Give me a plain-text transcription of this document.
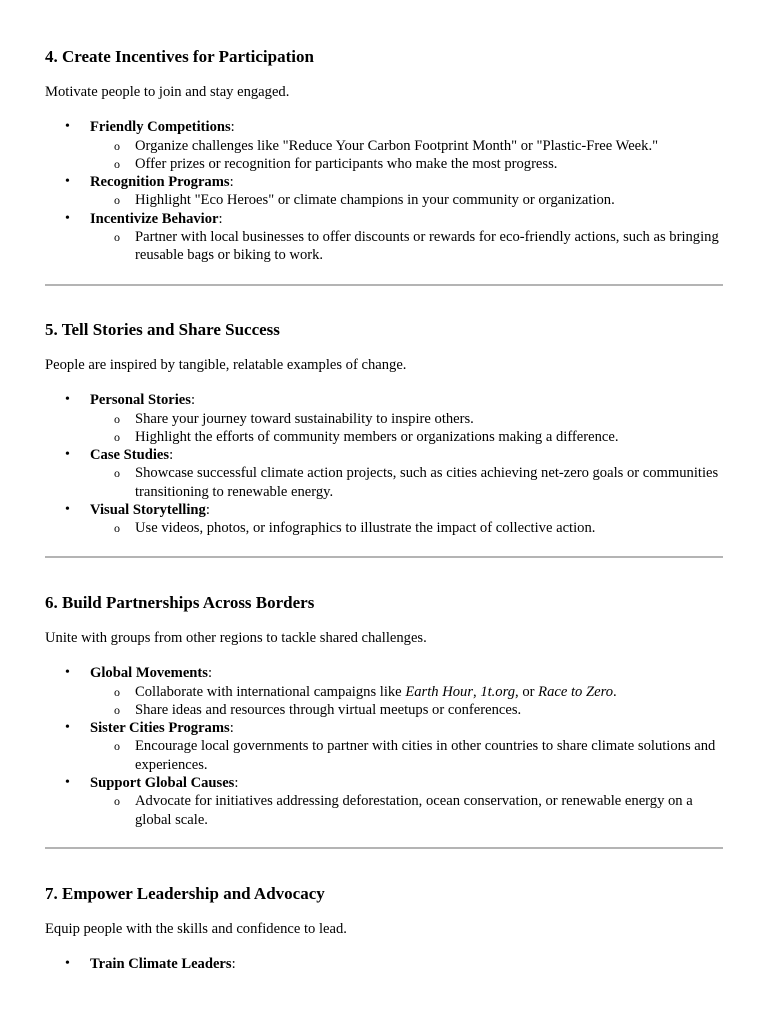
4. Create Incentives for Participation

Motivate people to join and stay engaged.

• Friendly Competitions:
o Organize challenges like "Reduce Your Carbon Footprint Month" or "Plastic-Free Week."
o Offer prizes or recognition for participants who make the most progress.
• Recognition Programs:
o Highlight "Eco Heroes" or climate champions in your community or organization.
• Incentivize Behavior:
o Partner with local businesses to offer discounts or rewards for eco-friendly actions, such as bringing reusable bags or biking to work.
5. Tell Stories and Share Success

People are inspired by tangible, relatable examples of change.

• Personal Stories:
o Share your journey toward sustainability to inspire others.
o Highlight the efforts of community members or organizations making a difference.
• Case Studies:
o Showcase successful climate action projects, such as cities achieving net-zero goals or communities transitioning to renewable energy.
• Visual Storytelling:
o Use videos, photos, or infographics to illustrate the impact of collective action.
6. Build Partnerships Across Borders

Unite with groups from other regions to tackle shared challenges.

• Global Movements:
o Collaborate with international campaigns like Earth Hour, 1t.org, or Race to Zero.
o Share ideas and resources through virtual meetups or conferences.
• Sister Cities Programs:
o Encourage local governments to partner with cities in other countries to share climate solutions and experiences.
• Support Global Causes:
o Advocate for initiatives addressing deforestation, ocean conservation, or renewable energy on a global scale.
7. Empower Leadership and Advocacy

Equip people with the skills and confidence to lead.

• Train Climate Leaders:
